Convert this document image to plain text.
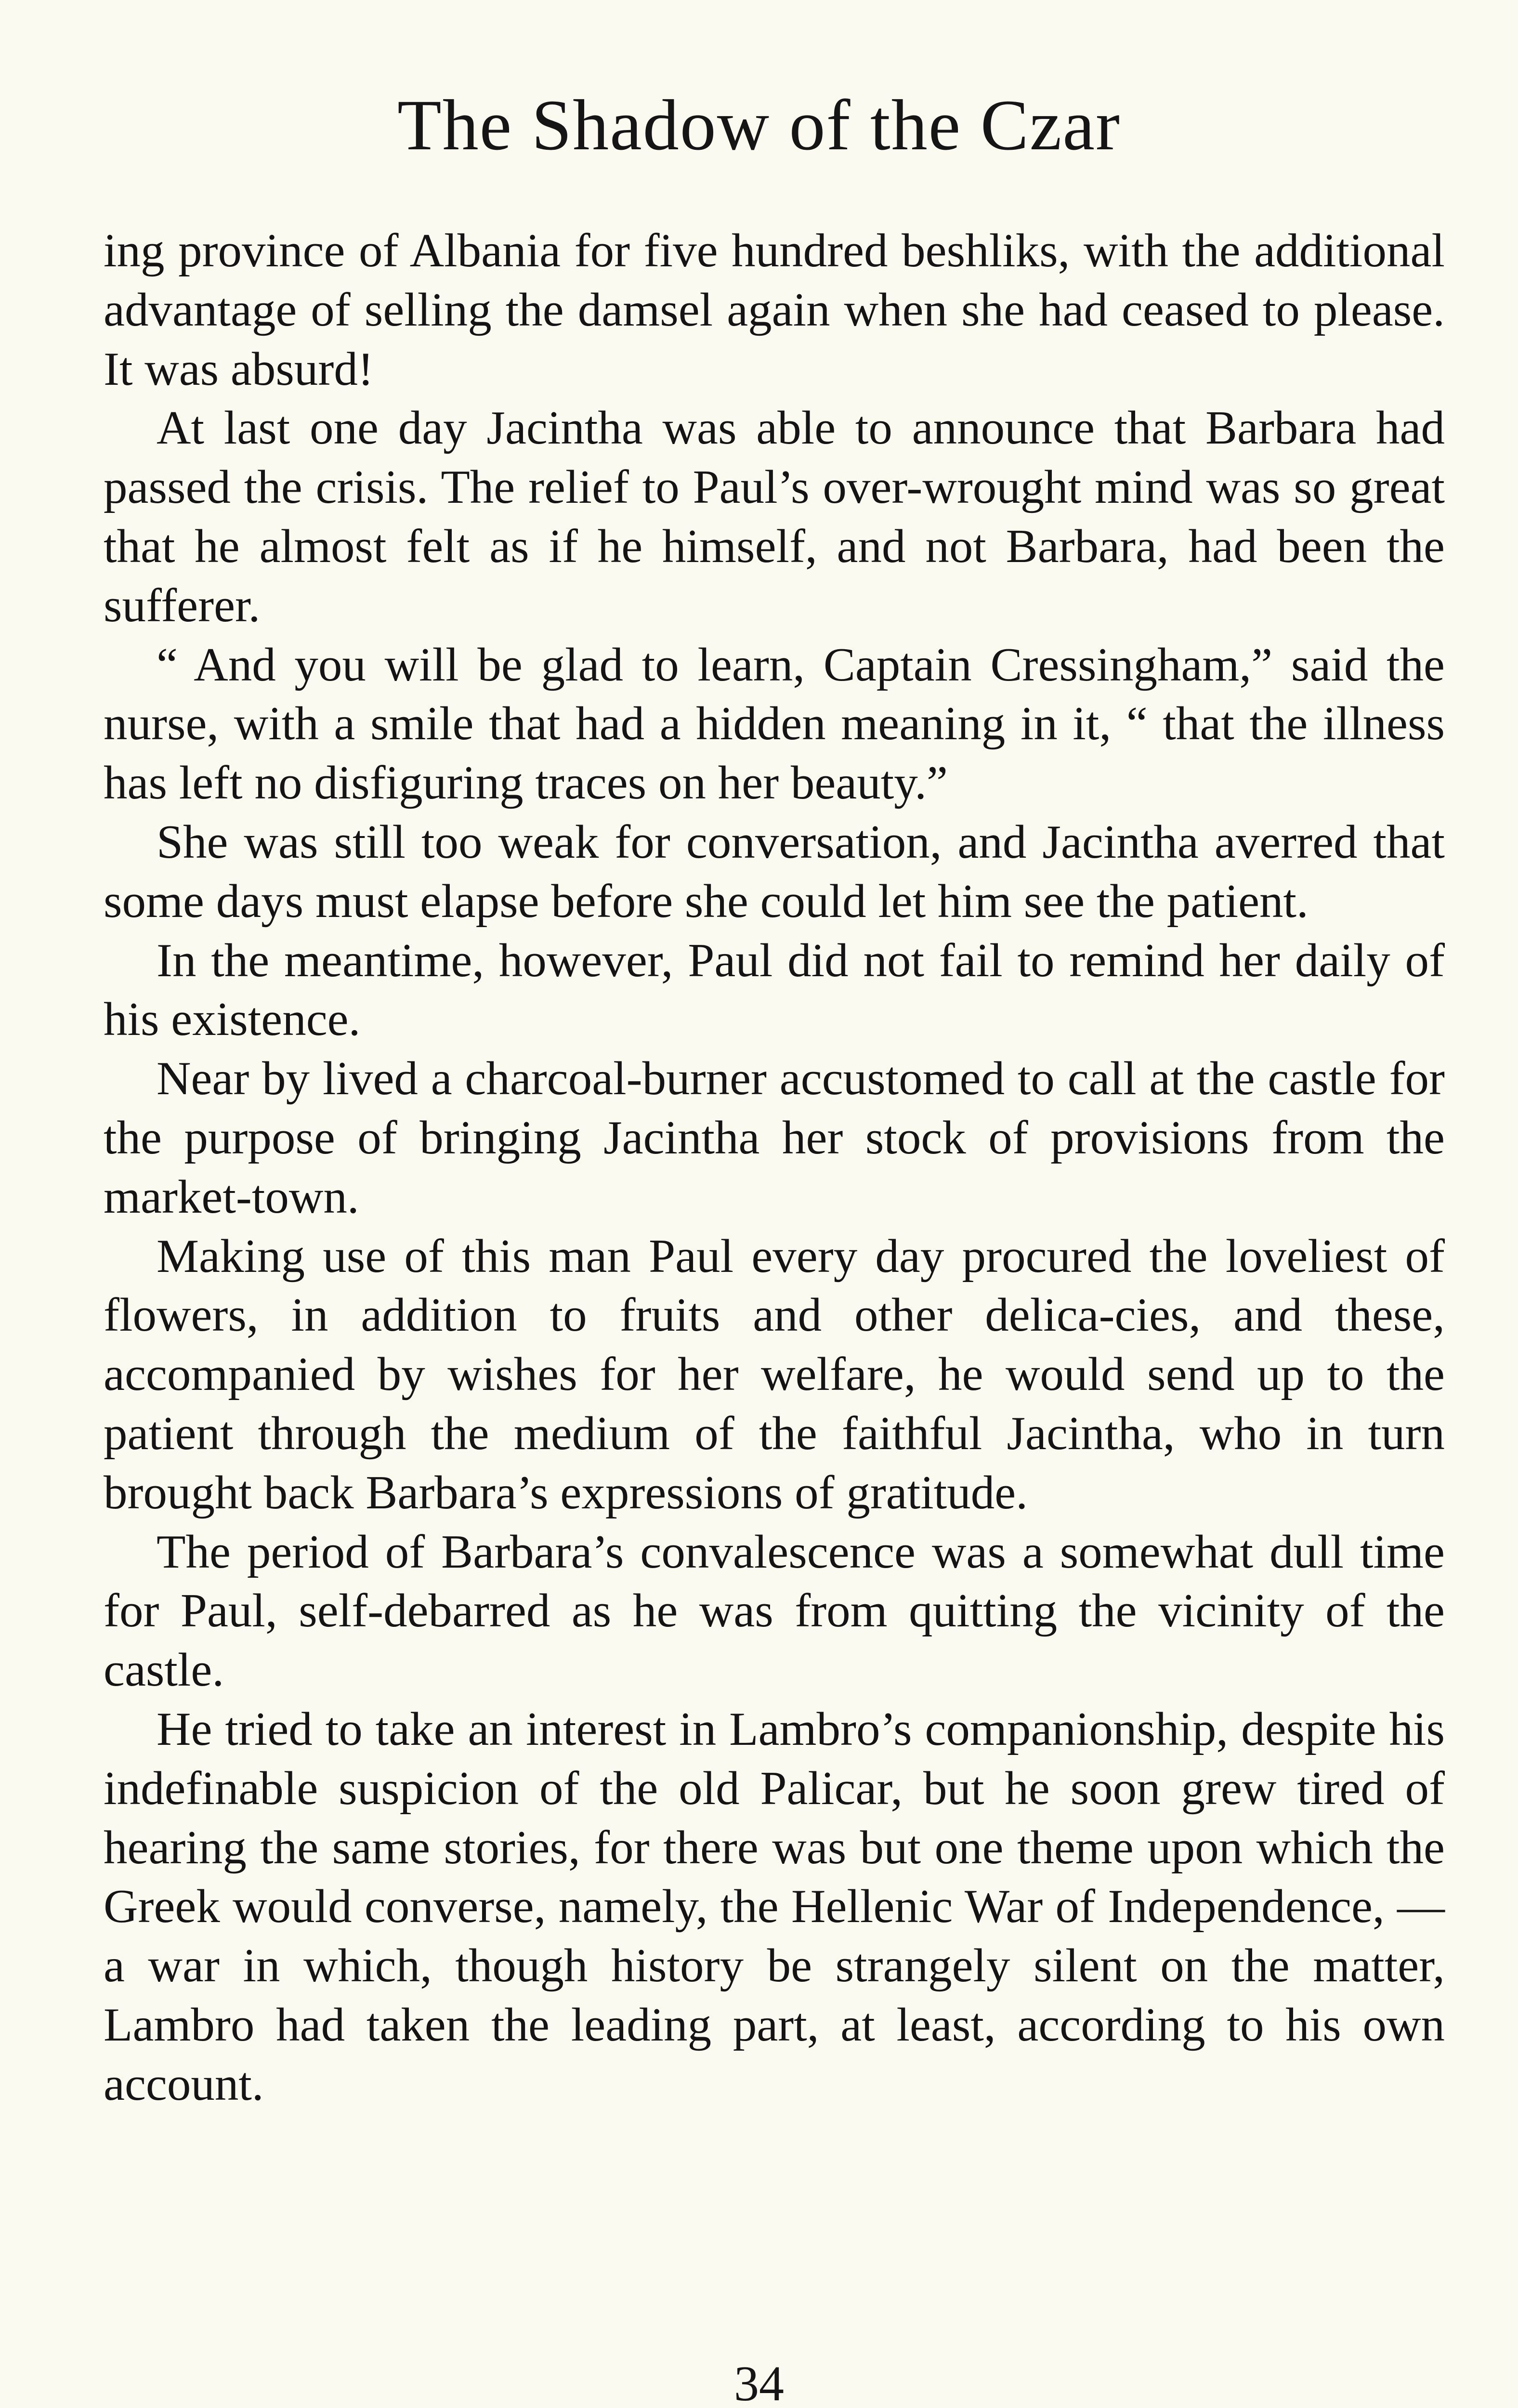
The Shadow of the Czar

ing province of Albania for five hundred beshliks, with the additional advantage of selling the damsel again when she had ceased to please. It was absurd!

At last one day Jacintha was able to announce that Barbara had passed the crisis. The relief to Paul’s over-wrought mind was so great that he almost felt as if he himself, and not Barbara, had been the sufferer.

“ And you will be glad to learn, Captain Cressingham,” said the nurse, with a smile that had a hidden meaning in it, “ that the illness has left no disfiguring traces on her beauty.”

She was still too weak for conversation, and Jacintha averred that some days must elapse before she could let him see the patient.

In the meantime, however, Paul did not fail to remind her daily of his existence.

Near by lived a charcoal-burner accustomed to call at the castle for the purpose of bringing Jacintha her stock of provisions from the market-town.

Making use of this man Paul every day procured the loveliest of flowers, in addition to fruits and other delica-cies, and these, accompanied by wishes for her welfare, he would send up to the patient through the medium of the faithful Jacintha, who in turn brought back Barbara’s expressions of gratitude.

The period of Barbara’s convalescence was a somewhat dull time for Paul, self-debarred as he was from quitting the vicinity of the castle.

He tried to take an interest in Lambro’s companionship, despite his indefinable suspicion of the old Palicar, but he soon grew tired of hearing the same stories, for there was but one theme upon which the Greek would converse, namely, the Hellenic War of Independence, — a war in which, though history be strangely silent on the matter, Lambro had taken the leading part, at least, according to his own account.

34
